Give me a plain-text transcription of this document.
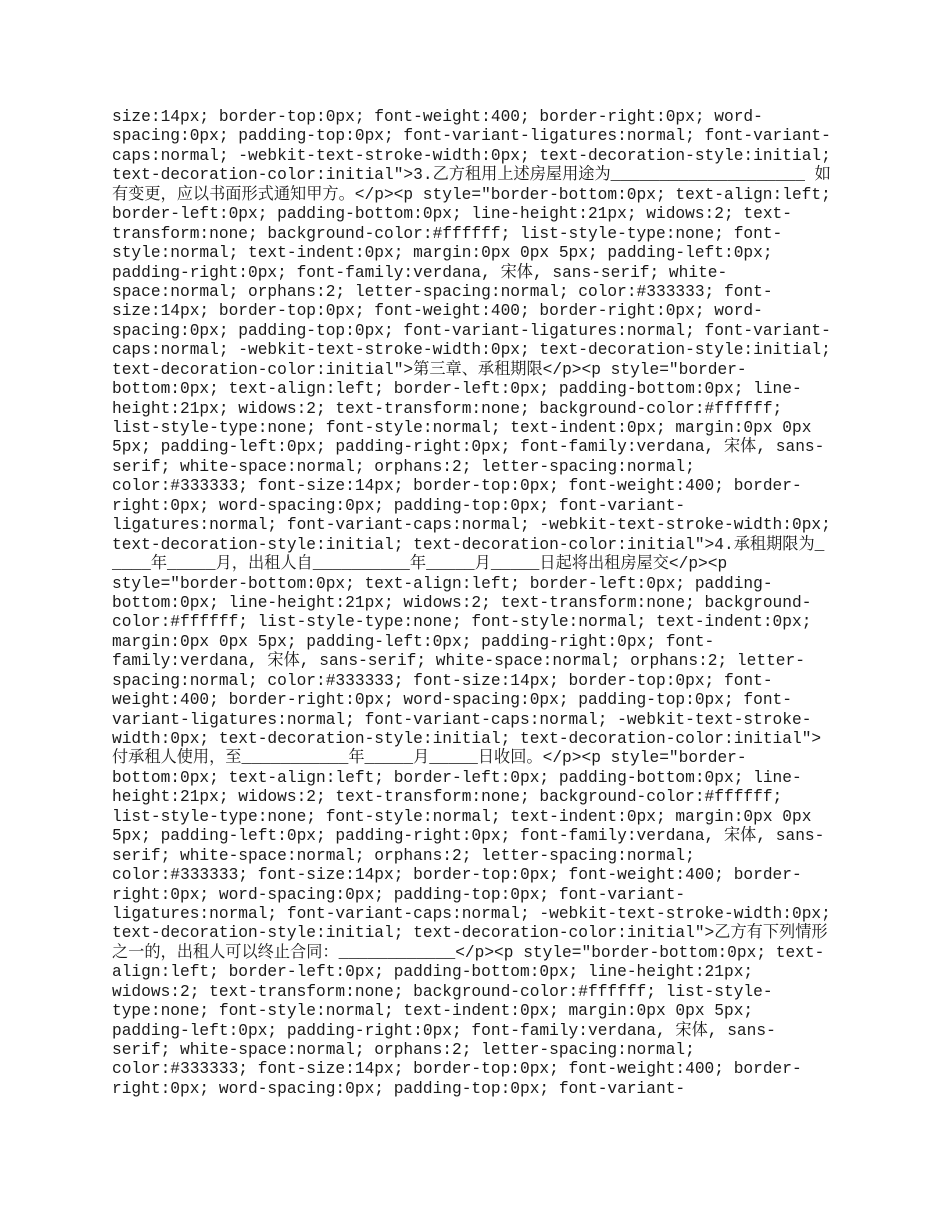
size:14px; border-top:0px; font-weight:400; border-right:0px; word-
spacing:0px; padding-top:0px; font-variant-ligatures:normal; font-variant-
caps:normal; -webkit-text-stroke-width:0px; text-decoration-style:initial;
text-decoration-color:initial">3.乙方租用上述房屋用途为____________________ 如
有变更，应以书面形式通知甲方。</p><p style="border-bottom:0px; text-align:left;
border-left:0px; padding-bottom:0px; line-height:21px; widows:2; text-
transform:none; background-color:#ffffff; list-style-type:none; font-
style:normal; text-indent:0px; margin:0px 0px 5px; padding-left:0px;
padding-right:0px; font-family:verdana, 宋体, sans-serif; white-
space:normal; orphans:2; letter-spacing:normal; color:#333333; font-
size:14px; border-top:0px; font-weight:400; border-right:0px; word-
spacing:0px; padding-top:0px; font-variant-ligatures:normal; font-variant-
caps:normal; -webkit-text-stroke-width:0px; text-decoration-style:initial;
text-decoration-color:initial">第三章、承租期限</p><p style="border-
bottom:0px; text-align:left; border-left:0px; padding-bottom:0px; line-
height:21px; widows:2; text-transform:none; background-color:#ffffff;
list-style-type:none; font-style:normal; text-indent:0px; margin:0px 0px
5px; padding-left:0px; padding-right:0px; font-family:verdana, 宋体, sans-
serif; white-space:normal; orphans:2; letter-spacing:normal;
color:#333333; font-size:14px; border-top:0px; font-weight:400; border-
right:0px; word-spacing:0px; padding-top:0px; font-variant-
ligatures:normal; font-variant-caps:normal; -webkit-text-stroke-width:0px;
text-decoration-style:initial; text-decoration-color:initial">4.承租期限为_
____年_____月，出租人自__________年_____月_____日起将出租房屋交</p><p
style="border-bottom:0px; text-align:left; border-left:0px; padding-
bottom:0px; line-height:21px; widows:2; text-transform:none; background-
color:#ffffff; list-style-type:none; font-style:normal; text-indent:0px;
margin:0px 0px 5px; padding-left:0px; padding-right:0px; font-
family:verdana, 宋体, sans-serif; white-space:normal; orphans:2; letter-
spacing:normal; color:#333333; font-size:14px; border-top:0px; font-
weight:400; border-right:0px; word-spacing:0px; padding-top:0px; font-
variant-ligatures:normal; font-variant-caps:normal; -webkit-text-stroke-
width:0px; text-decoration-style:initial; text-decoration-color:initial">
付承租人使用，至___________年_____月_____日收回。</p><p style="border-
bottom:0px; text-align:left; border-left:0px; padding-bottom:0px; line-
height:21px; widows:2; text-transform:none; background-color:#ffffff;
list-style-type:none; font-style:normal; text-indent:0px; margin:0px 0px
5px; padding-left:0px; padding-right:0px; font-family:verdana, 宋体, sans-
serif; white-space:normal; orphans:2; letter-spacing:normal;
color:#333333; font-size:14px; border-top:0px; font-weight:400; border-
right:0px; word-spacing:0px; padding-top:0px; font-variant-
ligatures:normal; font-variant-caps:normal; -webkit-text-stroke-width:0px;
text-decoration-style:initial; text-decoration-color:initial">乙方有下列情形
之一的，出租人可以终止合同：____________</p><p style="border-bottom:0px; text-
align:left; border-left:0px; padding-bottom:0px; line-height:21px;
widows:2; text-transform:none; background-color:#ffffff; list-style-
type:none; font-style:normal; text-indent:0px; margin:0px 0px 5px;
padding-left:0px; padding-right:0px; font-family:verdana, 宋体, sans-
serif; white-space:normal; orphans:2; letter-spacing:normal;
color:#333333; font-size:14px; border-top:0px; font-weight:400; border-
right:0px; word-spacing:0px; padding-top:0px; font-variant-
